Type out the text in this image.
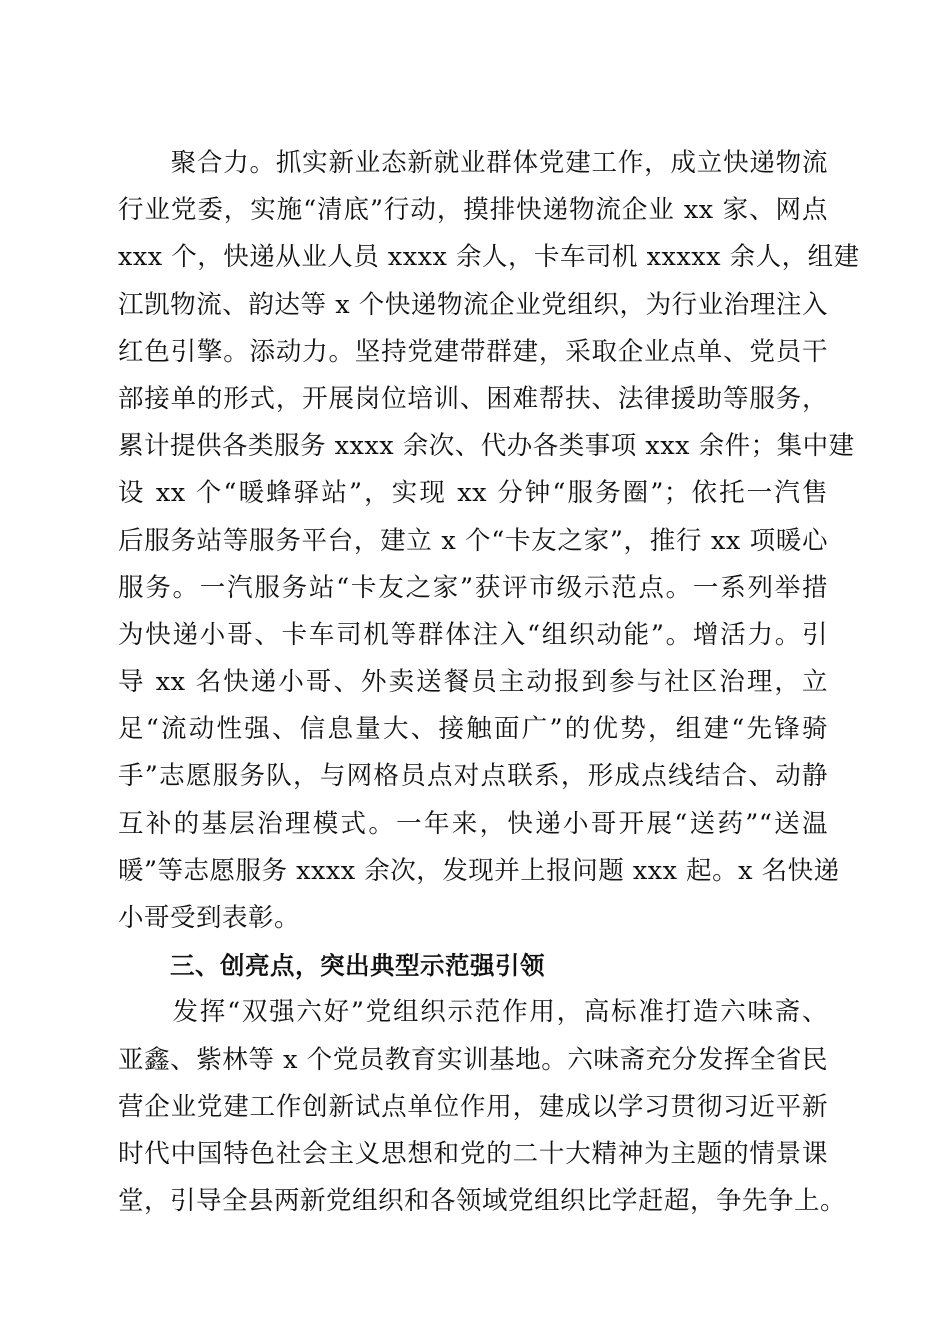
　　聚合力。抓实新业态新就业群体党建工作，成立快递物流
行业党委，实施“清底”行动，摸排快递物流企业 xx 家、网点
xxx 个，快递从业人员 xxxx 余人，卡车司机 xxxxx 余人，组建
江凯物流、韵达等 x 个快递物流企业党组织，为行业治理注入
红色引擎。添动力。坚持党建带群建，采取企业点单、党员干
部接单的形式，开展岗位培训、困难帮扶、法律援助等服务，
累计提供各类服务 xxxx 余次、代办各类事项 xxx 余件；集中建
设 xx 个“暖蜂驿站”，实现 xx 分钟“服务圈”；依托一汽售
后服务站等服务平台，建立 x 个“卡友之家”，推行 xx 项暖心
服务。一汽服务站“卡友之家”获评市级示范点。一系列举措
为快递小哥、卡车司机等群体注入“组织动能”。增活力。引
导 xx 名快递小哥、外卖送餐员主动报到参与社区治理，立
足“流动性强、信息量大、接触面广”的优势，组建“先锋骑
手”志愿服务队，与网格员点对点联系，形成点线结合、动静
互补的基层治理模式。一年来，快递小哥开展“送药”“送温
暖”等志愿服务 xxxx 余次，发现并上报问题 xxx 起。x 名快递
小哥受到表彰。
三、创亮点，突出典型示范强引领
　　发挥“双强六好”党组织示范作用，高标准打造六味斋、
亚鑫、紫林等 x 个党员教育实训基地。六味斋充分发挥全省民
营企业党建工作创新试点单位作用，建成以学习贯彻习近平新
时代中国特色社会主义思想和党的二十大精神为主题的情景课
堂，引导全县两新党组织和各领域党组织比学赶超，争先争上。
